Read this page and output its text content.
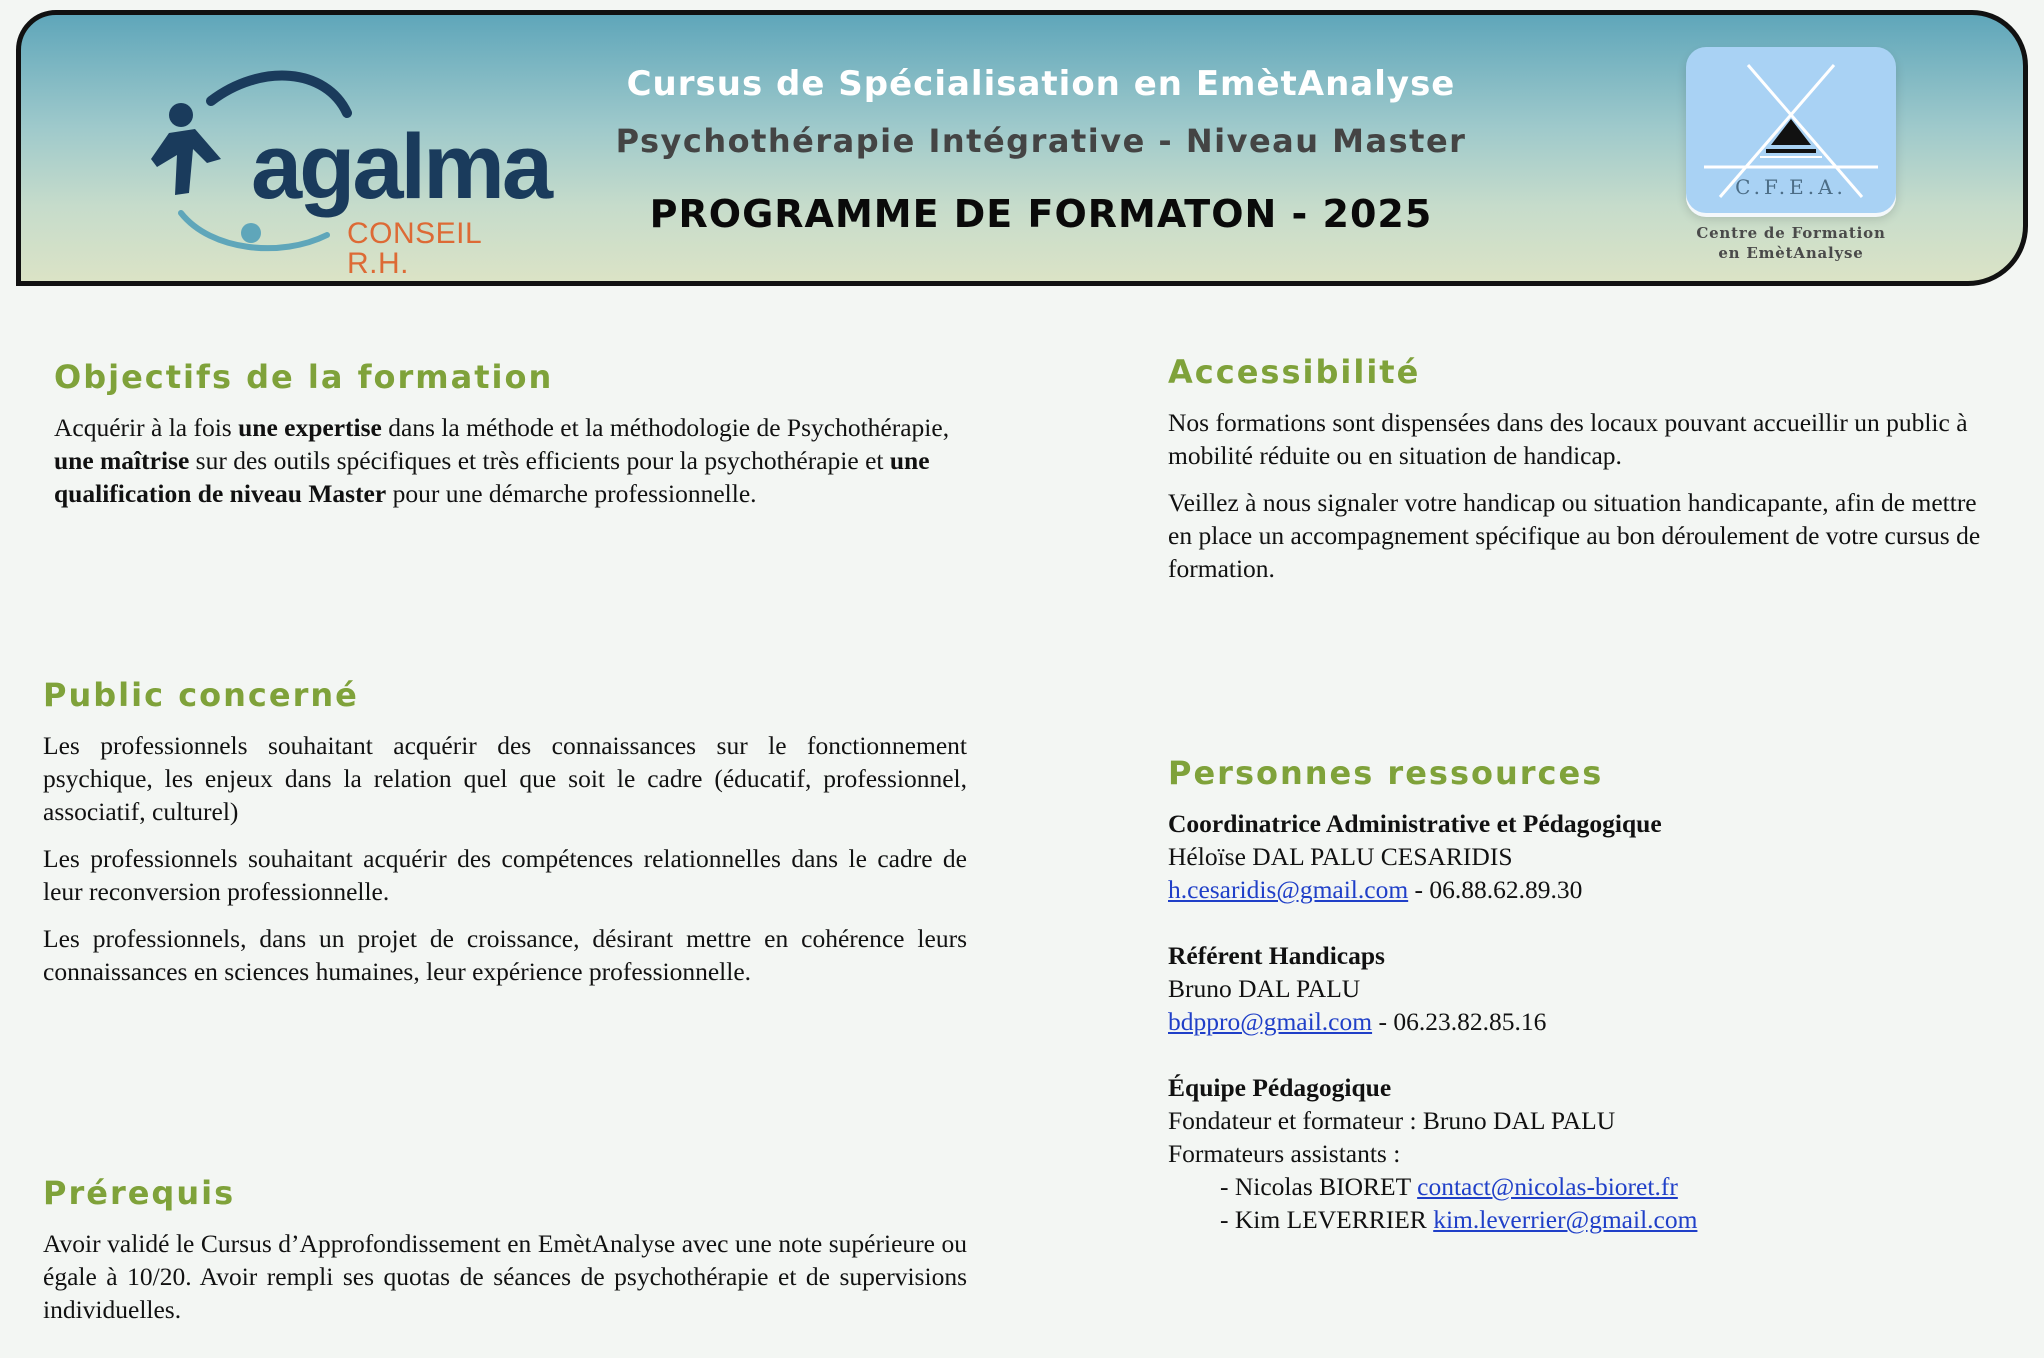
agalma
CONSEIL R.H.
Cursus de Spécialisation en EmètAnalyse
Psychothérapie Intégrative - Niveau Master
PROGRAMME DE FORMATON - 2025
C.F.E.A.
Centre de Formation
en EmètAnalyse
Objectifs de la formation
Acquérir à la fois une expertise dans la méthode et la méthodologie de Psychothérapie, une maîtrise sur des outils spécifiques et très efficients pour la psychothérapie et une qualification de niveau Master pour une démarche professionnelle.
Public concerné

Les professionnels souhaitant acquérir des connaissances sur le fonctionnement psychique, les enjeux dans la relation quel que soit le cadre (éducatif, professionnel, associatif, culturel)

Les professionnels souhaitant acquérir des compétences relationnelles dans le cadre de leur reconversion professionnelle.

Les professionnels, dans un projet de croissance, désirant mettre en cohérence leurs connaissances en sciences humaines, leur expérience professionnelle.

Prérequis

Avoir validé le Cursus d’Approfondissement en EmètAnalyse avec une note supérieure ou égale à 10/20. Avoir rempli ses quotas de séances de psychothérapie et de supervisions individuelles.

Accessibilité

Nos formations sont dispensées dans des locaux pouvant accueillir un public à mobilité réduite ou en situation de handicap.

Veillez à nous signaler votre handicap ou situation handicapante, afin de mettre en place un accompagnement spécifique au bon déroulement de votre cursus de formation.

Personnes ressources
Coordinatrice Administrative et Pédagogique
Héloïse DAL PALU CESARIDIS
h.cesaridis@gmail.com - 06.88.62.89.30
Référent Handicaps
Bruno DAL PALU
bdppro@gmail.com - 06.23.82.85.16
Équipe Pédagogique
Fondateur et formateur : Bruno DAL PALU
Formateurs assistants :
- Nicolas BIORET contact@nicolas-bioret.fr
- Kim LEVERRIER kim.leverrier@gmail.com
